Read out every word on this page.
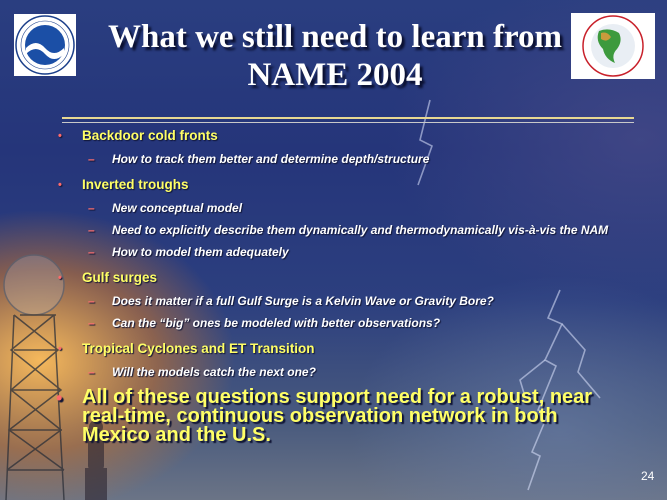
What we still need to learn from
NAME 2004
• Backdoor cold fronts
– How to track them better and determine depth/structure
• Inverted troughs
– New conceptual model
– Need to explicitly describe them dynamically and thermodynamically vis-à-vis the NAM
– How to model them adequately
• Gulf surges
– Does it matter if a full Gulf Surge is a Kelvin Wave or Gravity Bore?
– Can the “big” ones be modeled with better observations?
• Tropical Cyclones and ET Transition
– Will the models catch the next one?
• All of these questions support need for a robust, near real-time, continuous observation network in both Mexico and the U.S.
24
